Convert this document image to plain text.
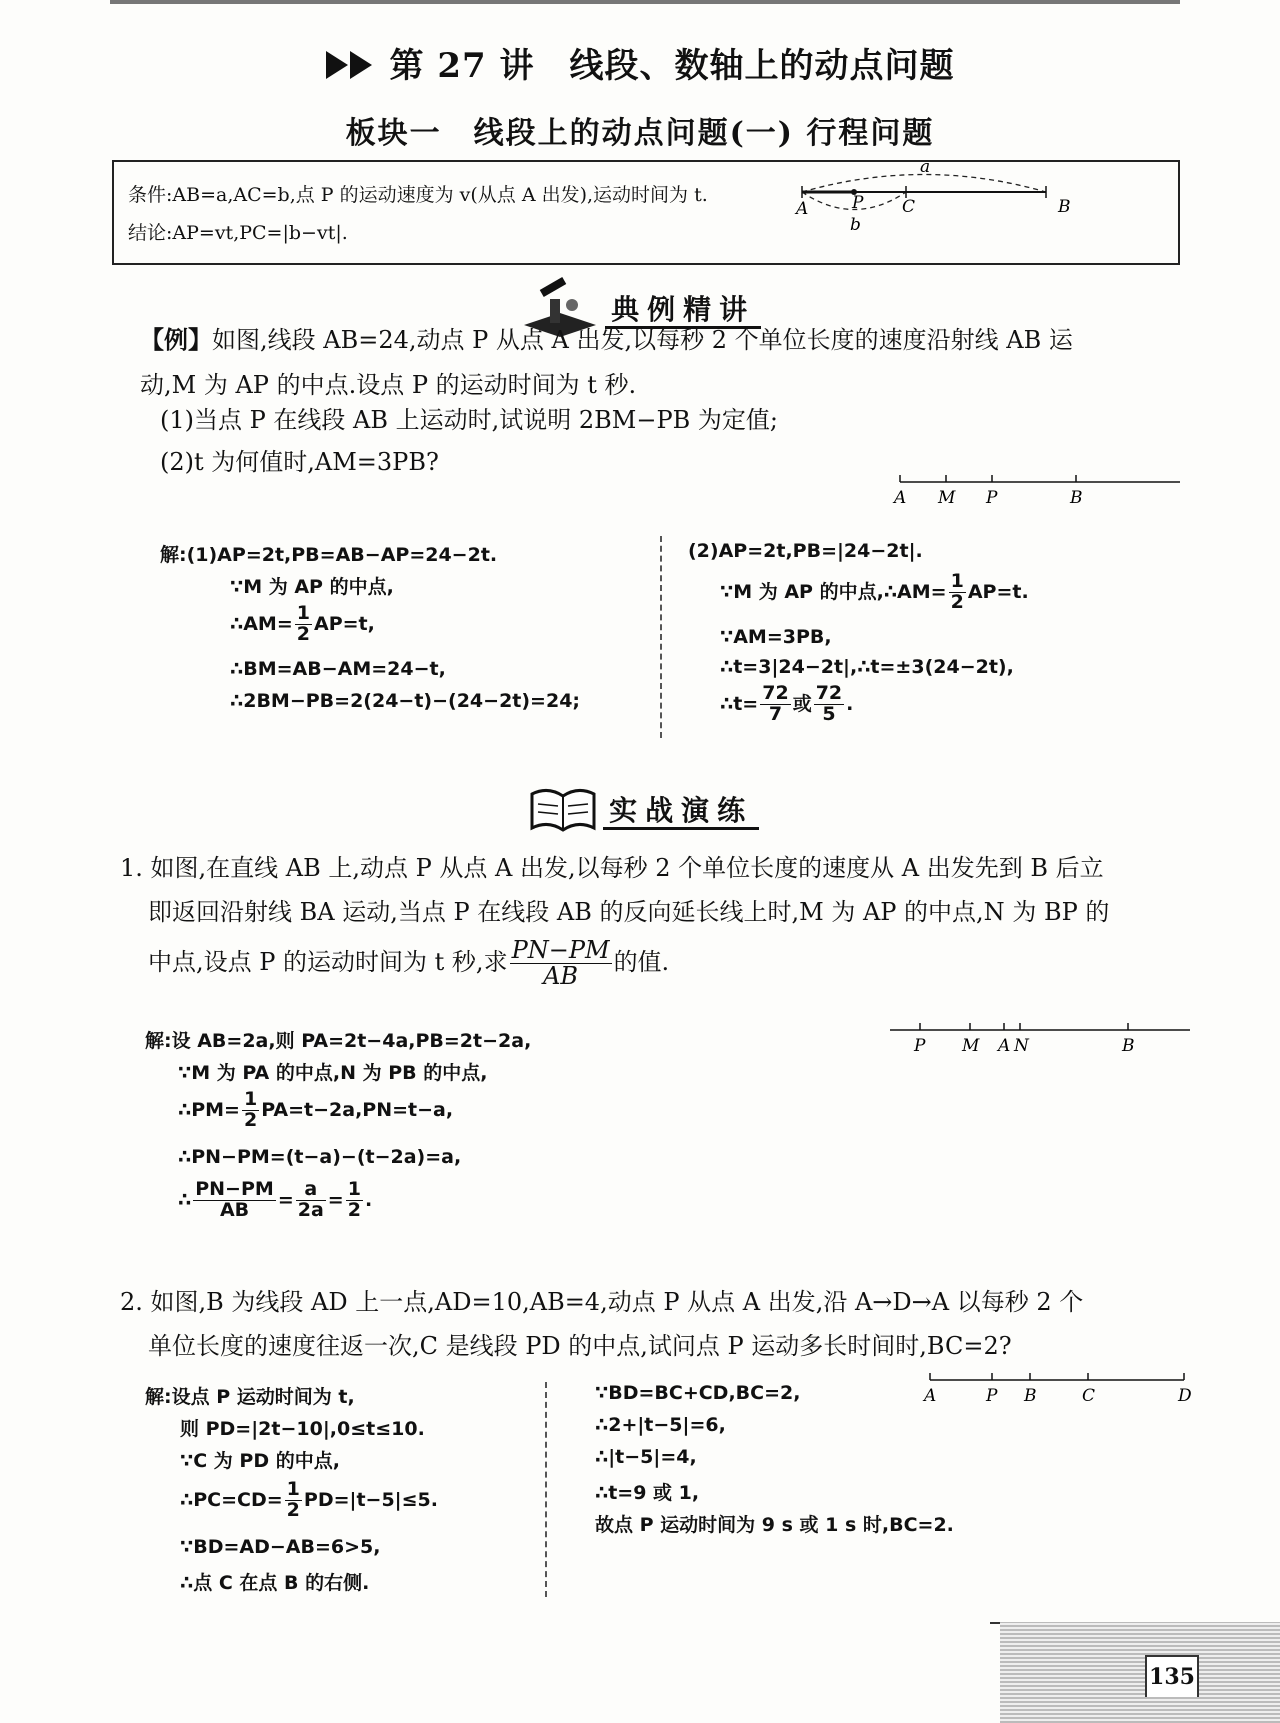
第 27 讲　线段、数轴上的动点问题
板块一　线段上的动点问题(一) 行程问题
条件:AB=a,AC=b,点 P 的运动速度为 v(从点 A 出发),运动时间为 t.
结论:AP=vt,PC=|b−vt|.
A	P C	B
a
b
典例精讲
【例】如图,线段 AB=24,动点 P 从点 A 出发,以每秒 2 个单位长度的速度沿射线 AB 运
动,M 为 AP 的中点.设点 P 的运动时间为 t 秒.
(1)当点 P 在线段 AB 上运动时,试说明 2BM−PB 为定值;
(2)t 为何值时,AM=3PB?
A M P	B
解:(1)AP=2t,PB=AB−AP=24−2t.
∵M 为 AP 的中点,
∴AM= $\frac{1}{2} AP=t$,
∴BM=AB−AM=24−t,
∴2BM−PB=2(24−t)−(24−2t)=24;
(2)AP=2t,PB=|24−2t|.
∵M 为 AP 的中点,∴AM= $\frac{1}{2} AP=t$.
∵AM=3PB,
∴t=3|24−2t|,∴t=±3(24−2t),
∴t= $\frac{72}{7}$ 或 $\frac{72}{5}$ .
实战演练
1. 如图,在直线 AB 上,动点 P 从点 A 出发,以每秒 2 个单位长度的速度从 A 出发先到 B 后立
即返回沿射线 BA 运动,当点 P 在线段 AB 的反向延长线上时,M 为 AP 的中点,N 为 BP 的
中点,设点 P 的运动时间为 t 秒,求 $\frac{PN-PM}{AB}$ 的值.
P M A N	B
解:设 AB=2a,则 PA=2t−4a,PB=2t−2a,
∵M 为 PA 的中点,N 为 PB 的中点,
∴PM= $\frac{1}{2} PA=t-2a,PN=t-a$,
∴PN−PM=(t−a)−(t−2a)=a,
∴ $\frac{PN-PM}{AB} = \frac{a}{2a} = \frac{1}{2}$ .
2. 如图,B 为线段 AD 上一点,AD=10,AB=4,动点 P 从点 A 出发,沿 A→D→A 以每秒 2 个
单位长度的速度往返一次,C 是线段 PD 的中点,试问点 P 运动多长时间时,BC=2?
A	P B	C	D
解:设点 P 运动时间为 t,
则 PD=|2t−10|,0≤t≤10.
∵C 为 PD 的中点,
∴PC=CD= $\frac{1}{2} PD=|t-5|\le 5$.
∵BD=AD−AB=6>5,
∴点 C 在点 B 的右侧.
∵BD=BC+CD,BC=2,
∴2+|t−5|=6,
∴|t−5|=4,
∴t=9 或 1,
故点 P 运动时间为 9 s 或 1 s 时,BC=2.
135
